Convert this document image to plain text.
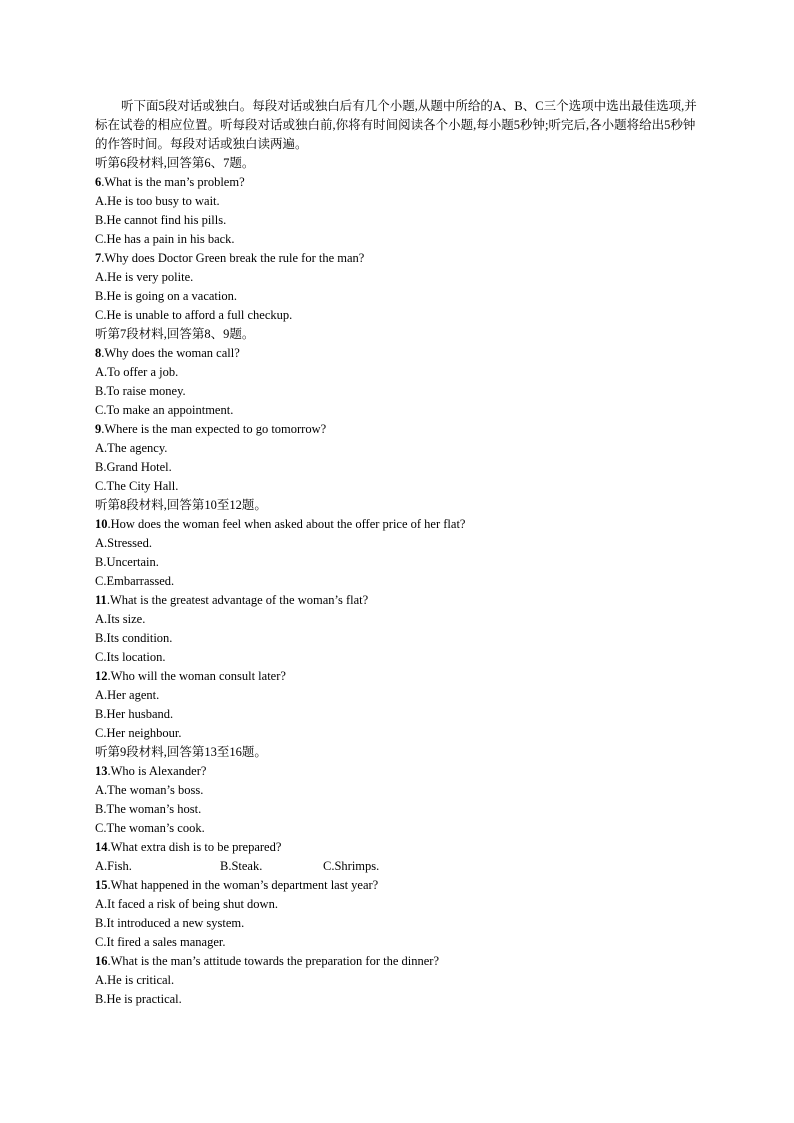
听下面5段对话或独白。每段对话或独白后有几个小题,从题中所给的A、B、C三个选项中选出最佳选项,并标在试卷的相应位置。听每段对话或独白前,你将有时间阅读各个小题,每小题5秒钟;听完后,各小题将给出5秒钟的作答时间。每段对话或独白读两遍。

听第6段材料,回答第6、7题。
6.What is the man’s problem?
A.He is too busy to wait.
B.He cannot find his pills.
C.He has a pain in his back.
7.Why does Doctor Green break the rule for the man?
A.He is very polite.
B.He is going on a vacation.
C.He is unable to afford a full checkup.
听第7段材料,回答第8、9题。
8.Why does the woman call?
A.To offer a job.
B.To raise money.
C.To make an appointment.
9.Where is the man expected to go tomorrow?
A.The agency.
B.Grand Hotel.
C.The City Hall.
听第8段材料,回答第10至12题。
10.How does the woman feel when asked about the offer price of her flat?
A.Stressed.
B.Uncertain.
C.Embarrassed.
11.What is the greatest advantage of the woman’s flat?
A.Its size.
B.Its condition.
C.Its location.
12.Who will the woman consult later?
A.Her agent.
B.Her husband.
C.Her neighbour.
听第9段材料,回答第13至16题。
13.Who is Alexander?
A.The woman’s boss.
B.The woman’s host.
C.The woman’s cook.
14.What extra dish is to be prepared?
A.Fish.	B.Steak.	C.Shrimps.
15.What happened in the woman’s department last year?
A.It faced a risk of being shut down.
B.It introduced a new system.
C.It fired a sales manager.
16.What is the man’s attitude towards the preparation for the dinner?
A.He is critical.
B.He is practical.
